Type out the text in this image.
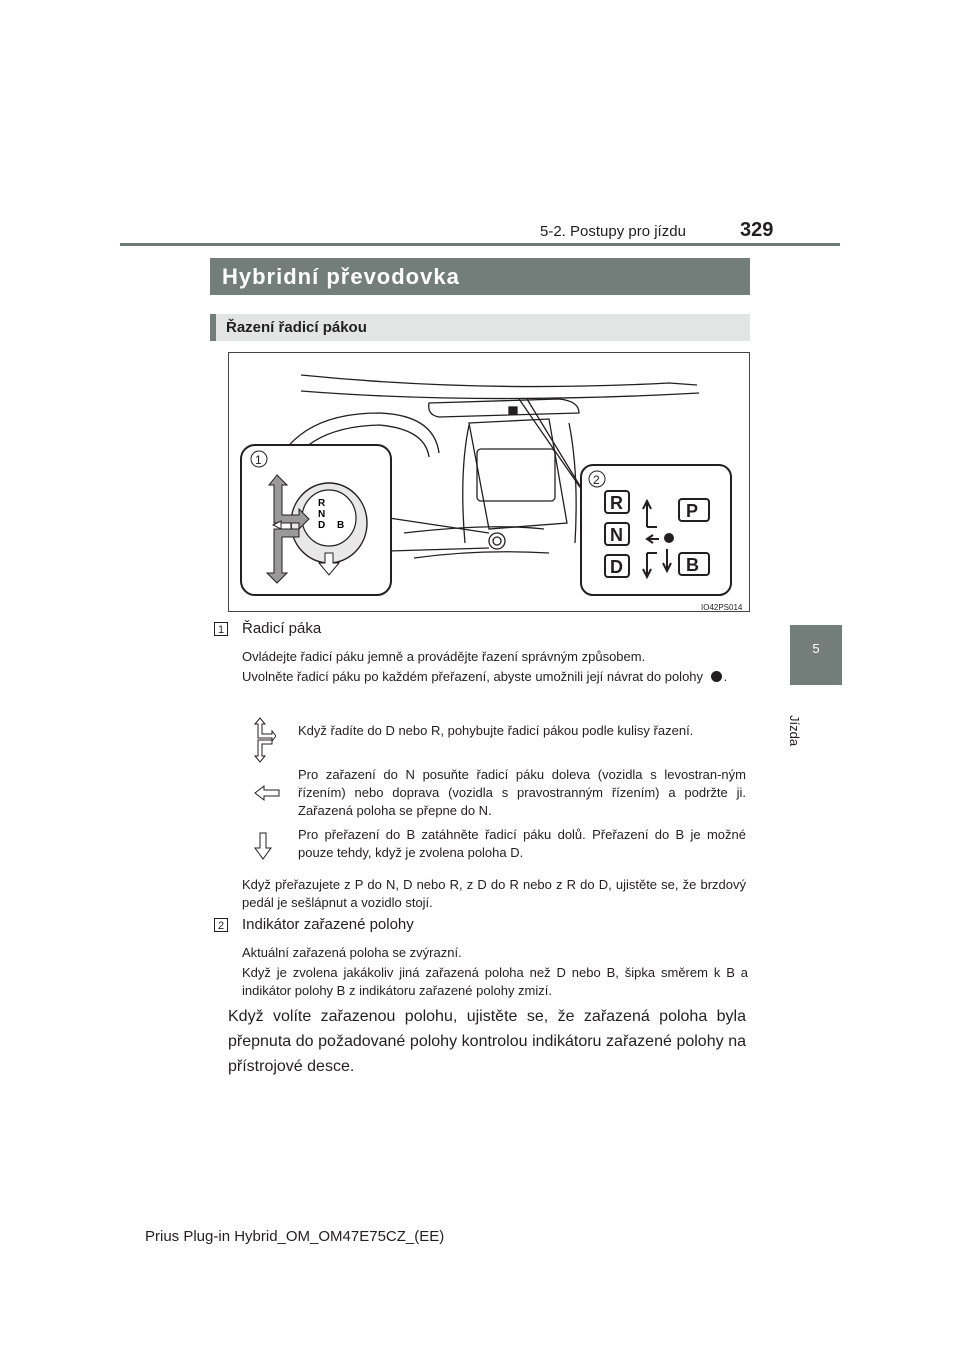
5-2. Postupy pro jízdu	329
5
Jízda
Hybridní převodovka
Řazení řadicí pákou
1
R
N
D B
2
R
N
D
P
B
IO42PS014
1 Řadicí páka
Ovládejte řadicí páku jemně a provádějte řazení správným způsobem.
Uvolněte řadicí páku po každém přeřazení, abyste umožnili její návrat do polohy .
Když řadíte do D nebo R, pohybujte řadicí pákou podle kulisy řazení.
Pro zařazení do N posuňte řadicí páku doleva (vozidla s levostran-ným řízením) nebo doprava (vozidla s pravostranným řízením) a podržte ji. Zařazená poloha se přepne do N.
Pro přeřazení do B zatáhněte řadicí páku dolů. Přeřazení do B je možné pouze tehdy, když je zvolena poloha D.
Když přeřazujete z P do N, D nebo R, z D do R nebo z R do D, ujistěte se, že brzdový pedál je sešlápnut a vozidlo stojí.
2 Indikátor zařazené polohy
Aktuální zařazená poloha se zvýrazní.
Když je zvolena jakákoliv jiná zařazená poloha než D nebo B, šipka směrem k B a indikátor polohy B z indikátoru zařazené polohy zmizí.
Když volíte zařazenou polohu, ujistěte se, že zařazená poloha byla přepnuta do požadované polohy kontrolou indikátoru zařazené polohy na přístrojové desce.
Prius Plug-in Hybrid_OM_OM47E75CZ_(EE)
